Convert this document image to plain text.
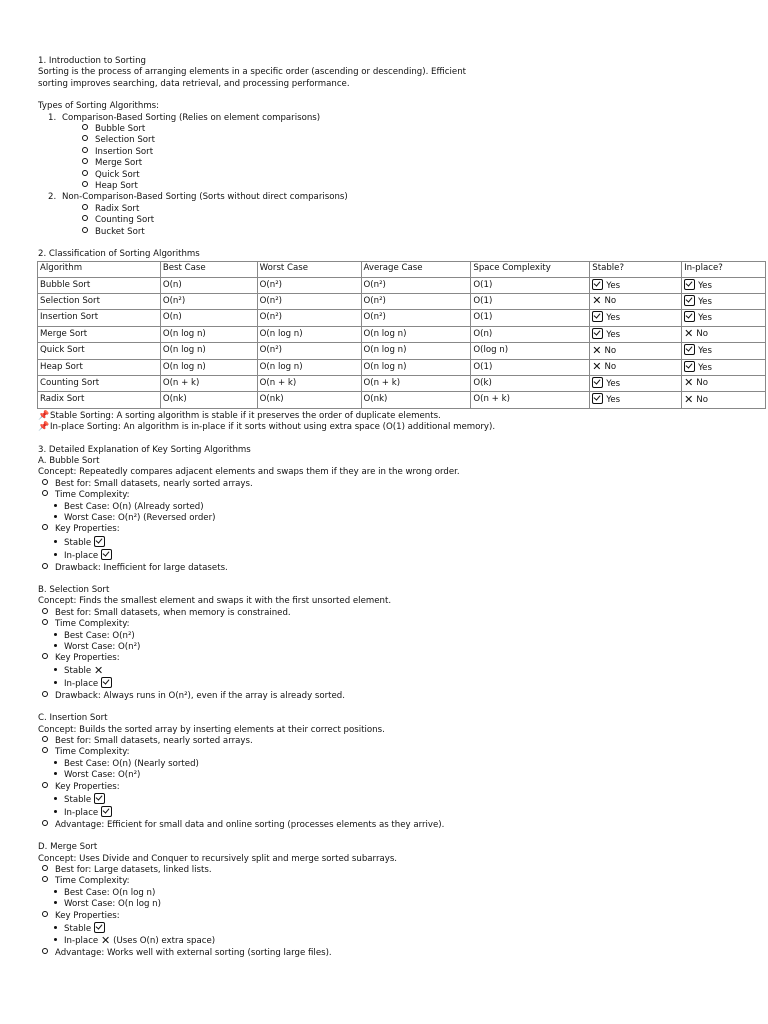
1. Introduction to Sorting

Sorting is the process of arranging elements in a specific order (ascending or descending). Efficient sorting improves searching, data retrieval, and processing performance.

Types of Sorting Algorithms:

1. Comparison-Based Sorting (Relies on element comparisons)
Bubble Sort
Selection Sort
Insertion Sort
Merge Sort
Quick Sort
Heap Sort
2. Non-Comparison-Based Sorting (Sorts without direct comparisons)
Radix Sort
Counting Sort
Bucket Sort

2. Classification of Sorting Algorithms

Algorithm	Best Case	Worst Case	Average Case	Space Complexity	Stable?	In-place?
Bubble Sort	O(n)	O(n²)	O(n²)	O(1)	Yes	Yes
Selection Sort	O(n²)	O(n²)	O(n²)	O(1)	✕ No	Yes
Insertion Sort	O(n)	O(n²)	O(n²)	O(1)	Yes	Yes
Merge Sort	O(n log n)	O(n log n)	O(n log n)	O(n)	Yes	✕ No
Quick Sort	O(n log n)	O(n²)	O(n log n)	O(log n)	✕ No	Yes
Heap Sort	O(n log n)	O(n log n)	O(n log n)	O(1)	✕ No	Yes
Counting Sort	O(n + k)	O(n + k)	O(n + k)	O(k)	Yes	✕ No
Radix Sort	O(nk)	O(nk)	O(nk)	O(n + k)	Yes	✕ No

📌Stable Sorting: A sorting algorithm is stable if it preserves the order of duplicate elements.

📌In-place Sorting: An algorithm is in-place if it sorts without using extra space (O(1) additional memory).

3. Detailed Explanation of Key Sorting Algorithms

A. Bubble Sort

Concept: Repeatedly compares adjacent elements and swaps them if they are in the wrong order.

Best for: Small datasets, nearly sorted arrays.
Time Complexity:
Best Case: O(n) (Already sorted)
Worst Case: O(n²) (Reversed order)
Key Properties:
Stable
In-place
Drawback: Inefficient for large datasets.

B. Selection Sort

Concept: Finds the smallest element and swaps it with the first unsorted element.

Best for: Small datasets, when memory is constrained.
Time Complexity:
Best Case: O(n²)
Worst Case: O(n²)
Key Properties:
Stable ✕
In-place
Drawback: Always runs in O(n²), even if the array is already sorted.

C. Insertion Sort

Concept: Builds the sorted array by inserting elements at their correct positions.

Best for: Small datasets, nearly sorted arrays.
Time Complexity:
Best Case: O(n) (Nearly sorted)
Worst Case: O(n²)
Key Properties:
Stable
In-place
Advantage: Efficient for small data and online sorting (processes elements as they arrive).

D. Merge Sort

Concept: Uses Divide and Conquer to recursively split and merge sorted subarrays.

Best for: Large datasets, linked lists.
Time Complexity:
Best Case: O(n log n)
Worst Case: O(n log n)
Key Properties:
Stable
In-place ✕ (Uses O(n) extra space)
Advantage: Works well with external sorting (sorting large files).
